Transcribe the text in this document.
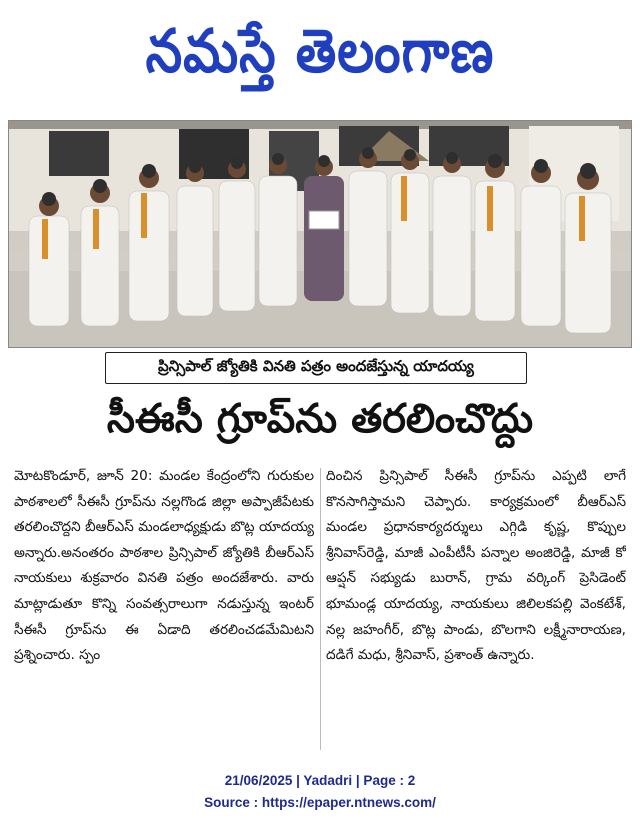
నమస్తే తెలంగాణ
ప్రిన్సిపాల్ జ్యోతికి వినతి పత్రం అందజేస్తున్న యాదయ్య
సీఈసీ గ్రూప్‌ను తరలించొద్దు
మోటకొండూర్, జూన్ 20: మండల కేంద్రంలోని గురుకుల పాఠశాలలో సీఈసీ గ్రూప్‌ను నల్లగొండ జిల్లా అప్పాజీపేటకు తరలించొద్దని బీఆర్‌ఎస్ మండలాధ్యక్షుడు బొట్ల యాదయ్య అన్నారు.అనంతరం పాఠశాల ప్రిన్సిపాల్ జ్యోతికి బీఆర్‌ఎస్ నాయకులు శుక్రవారం వినతి పత్రం అందజేశారు. వారు మాట్లాడుతూ కొన్ని సంవత్సరాలుగా నడుస్తున్న ఇంటర్ సీఈసీ గ్రూప్‌ను ఈ ఏడాది తరలించడమేమిటని ప్రశ్నించారు. స్పం
దించిన ప్రిన్సిపాల్ సీఈసీ గ్రూప్‌ను ఎప్పటి లాగే కొనసాగిస్తామని చెప్పారు. కార్యక్రమంలో బీఆర్‌ఎస్ మండల ప్రధానకార్యదర్శులు ఎగ్గిడి కృష్ణ, కొప్పుల శ్రీనివాస్‌రెడ్డి, మాజీ ఎంపీటీసీ పన్నాల అంజిరెడ్డి, మాజీ కో ఆప్షన్ సభ్యుడు బురాన్, గ్రామ వర్కింగ్ ప్రెసిడెంట్ భూమండ్ల యాదయ్య, నాయకులు జిలిలకపల్లి వెంకటేశ్, నల్ల జహంగీర్, బొట్ల పాండు, బొలగాని లక్ష్మీనారాయణ, దడిగే మధు, శ్రీనివాస్, ప్రశాంత్ ఉన్నారు.
21/06/2025 | Yadadri | Page : 2
Source : https://epaper.ntnews.com/
